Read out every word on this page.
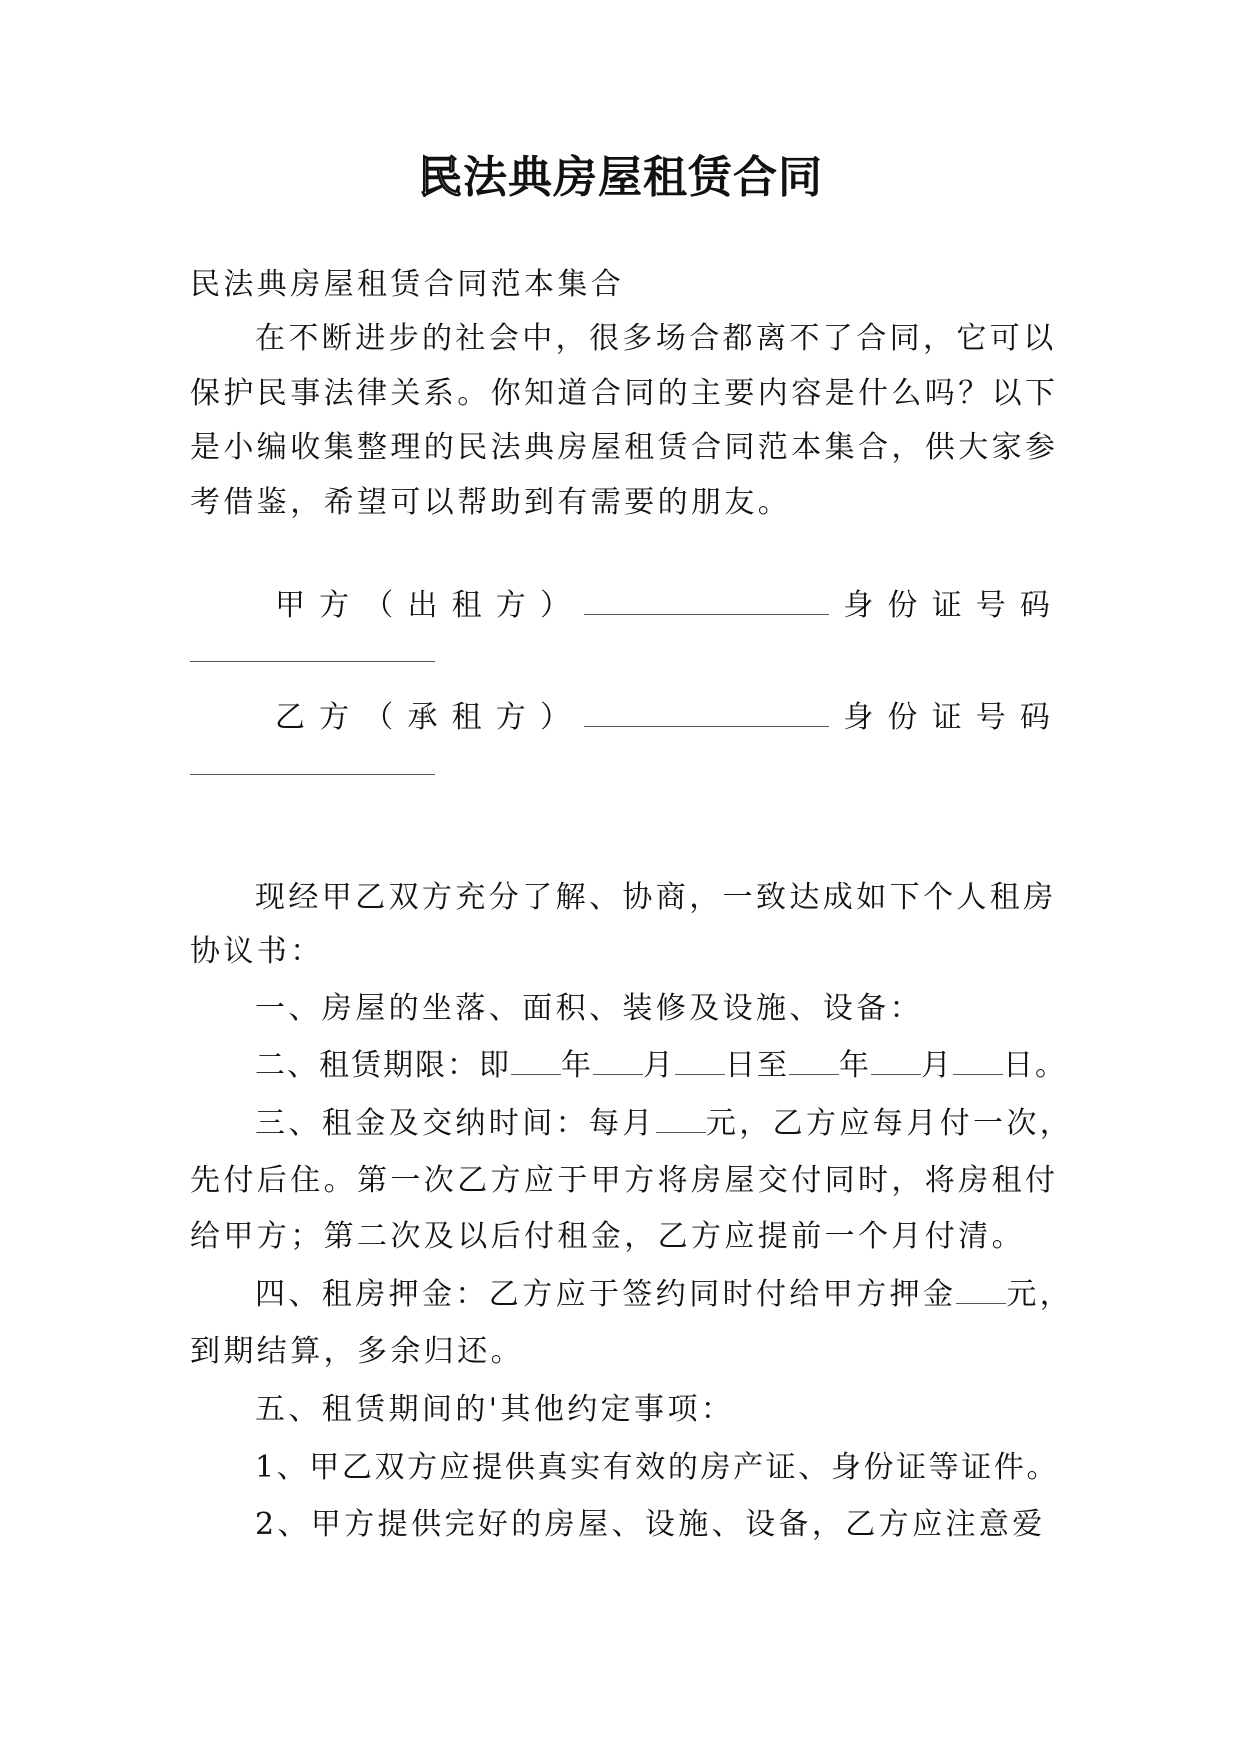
民法典房屋租赁合同
民法典房屋租赁合同范本集合
在不断进步的社会中，很多场合都离不了合同，它可以
保护民事法律关系。你知道合同的主要内容是什么吗？以下
是小编收集整理的民法典房屋租赁合同范本集合，供大家参
考借鉴，希望可以帮助到有需要的朋友。
甲 方 （ 出 租 方 ）	身 份 证 号 码
乙 方 （ 承 租 方 ）	身 份 证 号 码
现经甲乙双方充分了解、协商，一致达成如下个人租房
协议书：
一、房屋的坐落、面积、装修及设施、设备：
二、租赁期限：即 年 月 日至 年 月 日。
三、租金及交纳时间：每月 元，乙方应每月付一次，
先付后住。第一次乙方应于甲方将房屋交付同时，将房租付
给甲方；第二次及以后付租金，乙方应提前一个月付清。
四、租房押金：乙方应于签约同时付给甲方押金 元，
到期结算，多余归还。
五、租赁期间的'其他约定事项：
1、甲乙双方应提供真实有效的房产证、身份证等证件。
2、甲方提供完好的房屋、设施、设备，乙方应注意爱
